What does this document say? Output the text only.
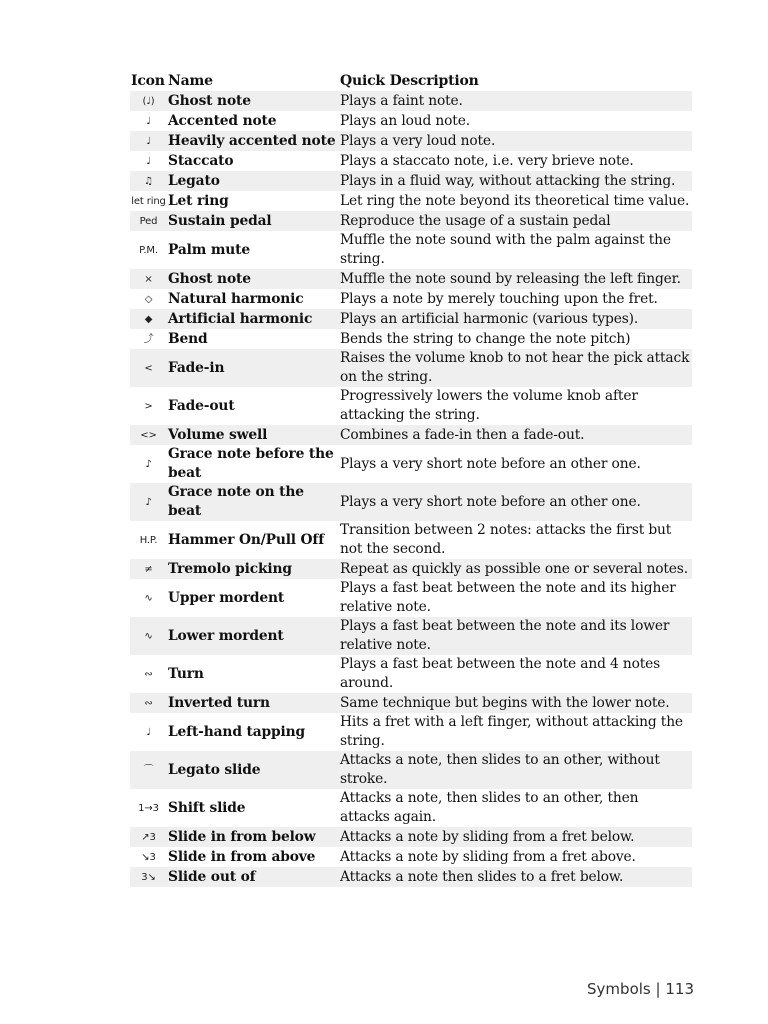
Icon	Name	Quick Description
(♩)	Ghost note	Plays a faint note.
♩	Accented note	Plays an loud note.
♩	Heavily accented note	Plays a very loud note.
♩	Staccato	Plays a staccato note, i.e. very brieve note.
♫	Legato	Plays in a fluid way, without attacking the string.
let ring	Let ring	Let ring the note beyond its theoretical time value.
Ped	Sustain pedal	Reproduce the usage of a sustain pedal
P.M.	Palm mute	Muffle the note sound with the palm against the string.
×	Ghost note	Muffle the note sound by releasing the left finger.
◇	Natural harmonic	Plays a note by merely touching upon the fret.
◆	Artificial harmonic	Plays an artificial harmonic (various types).
⤴	Bend	Bends the string to change the note pitch)
<	Fade-in	Raises the volume knob to not hear the pick attack on the string.
>	Fade-out	Progressively lowers the volume knob after attacking the string.
<>	Volume swell	Combines a fade-in then a fade-out.
♪	Grace note before the beat	Plays a very short note before an other one.
♪	Grace note on the beat	Plays a very short note before an other one.
H.P.	Hammer On/Pull Off	Transition between 2 notes: attacks the first but not the second.
≠	Tremolo picking	Repeat as quickly as possible one or several notes.
∿	Upper mordent	Plays a fast beat between the note and its higher relative note.
∿	Lower mordent	Plays a fast beat between the note and its lower relative note.
∾	Turn	Plays a fast beat between the note and 4 notes around.
∾	Inverted turn	Same technique but begins with the lower note.
♩	Left-hand tapping	Hits a fret with a left finger, without attacking the string.
⌒	Legato slide	Attacks a note, then slides to an other, without stroke.
1→3	Shift slide	Attacks a note, then slides to an other, then attacks again.
↗3	Slide in from below	Attacks a note by sliding from a fret below.
↘3	Slide in from above	Attacks a note by sliding from a fret above.
3↘	Slide out of	Attacks a note then slides to a fret below.
Symbols | 113
